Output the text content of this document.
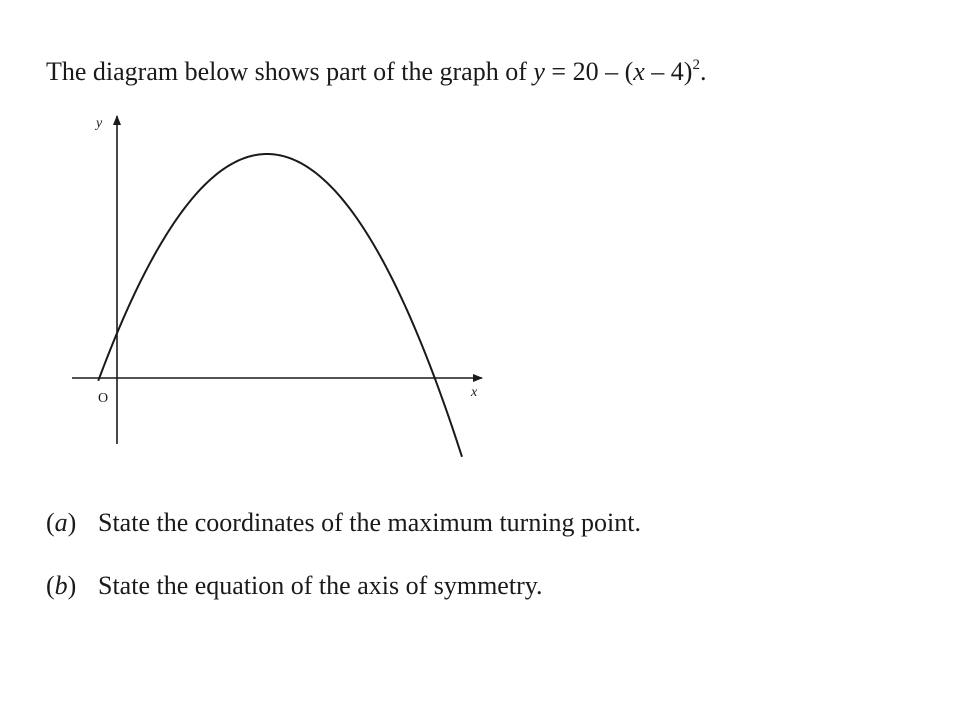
The diagram below shows part of the graph of y = 20 – (x – 4)$^2$.
y
x
O
(a) State the coordinates of the maximum turning point.
(b) State the equation of the axis of symmetry.
